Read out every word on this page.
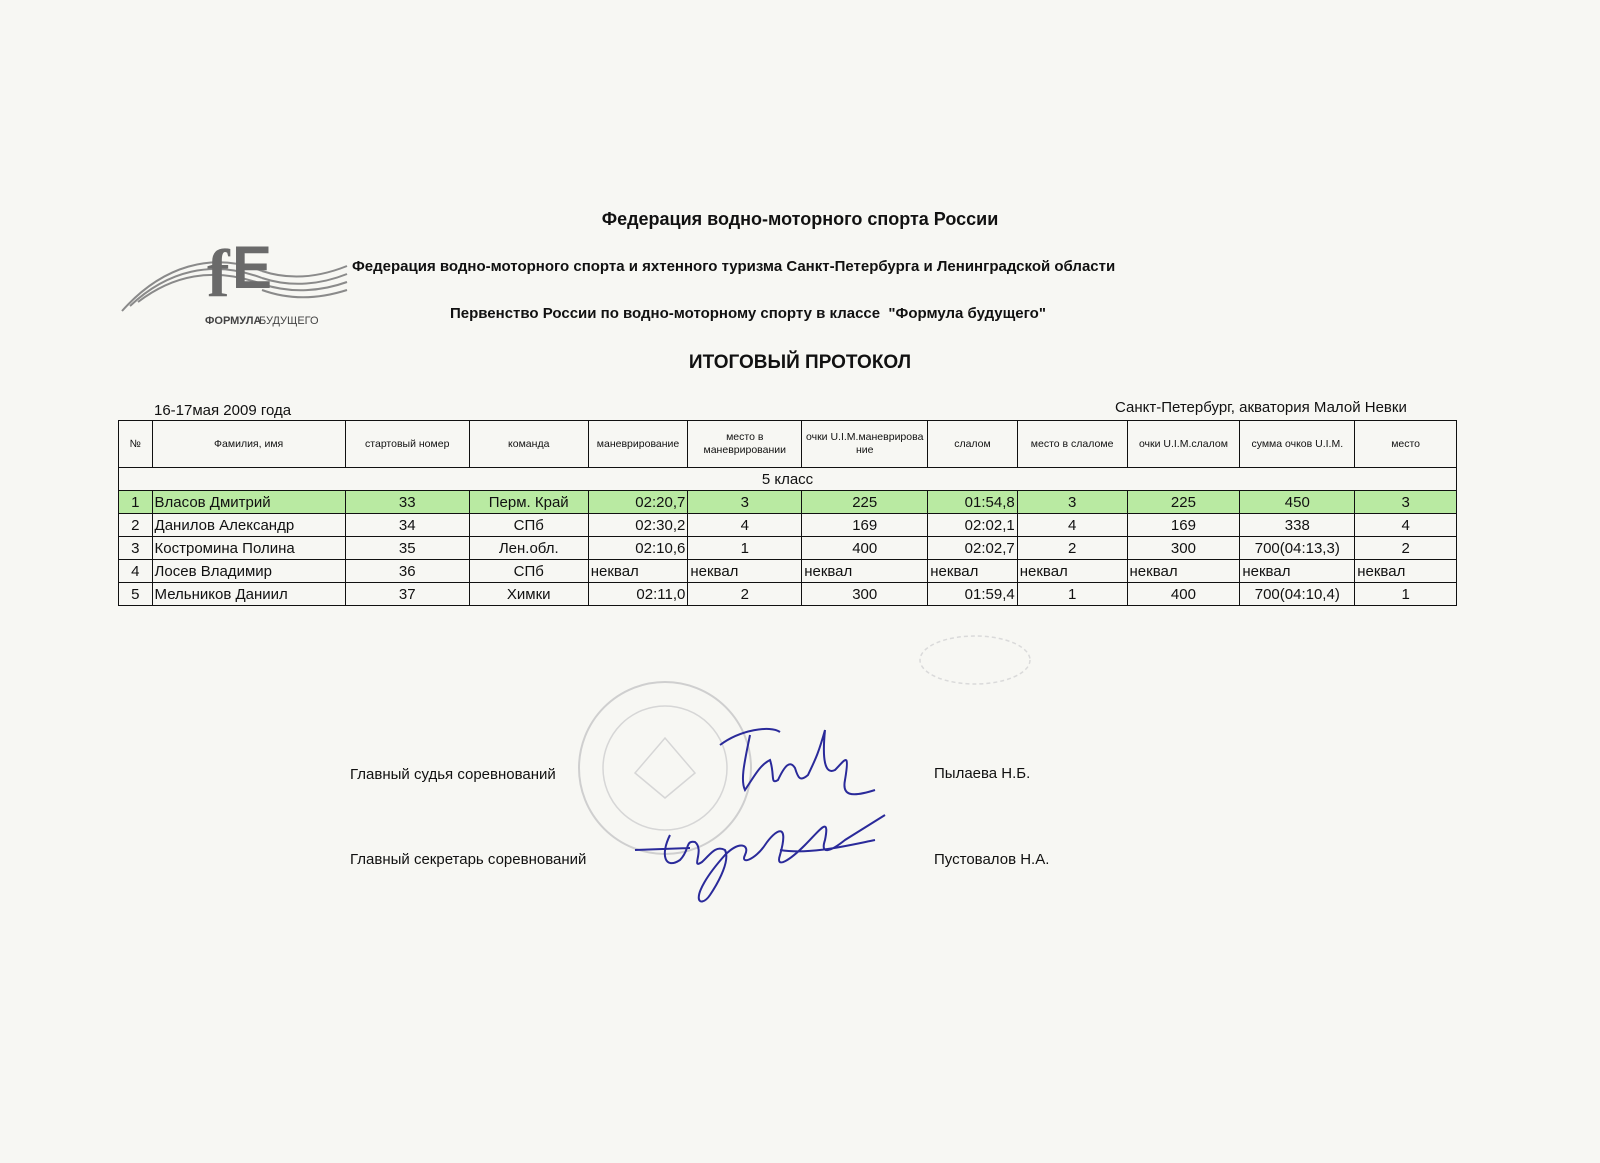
f E
ФОРМУЛА
БУДУЩЕГО
Федерация водно-моторного спорта России
Федерация водно-моторного спорта и яхтенного туризма Санкт-Петербурга и Ленинградской области
Первенство России по водно-моторному спорту в классе  "Формула будущего"
ИТОГОВЫЙ ПРОТОКОЛ
16-17мая 2009 года	Санкт-Петербург, акватория Малой Невки
№	Фамилия, имя	стартовый номер	команда	маневрирование	место в маневрировании	очки U.I.M.маневрирование	слалом	место в слаломе	очки U.I.M.слалом	сумма очков U.I.M.	место
5 класс											
1	Власов Дмитрий	33	Перм. Край	02:20,7	3	225	01:54,8	3	225	450	3
2	Данилов Александр	34	СПб	02:30,2	4	169	02:02,1	4	169	338	4
3	Костромина Полина	35	Лен.обл.	02:10,6	1	400	02:02,7	2	300	700(04:13,3)	2
4	Лосев Владимир	36	СПб	неквал	неквал	неквал	неквал	неквал	неквал	неквал	неквал
5	Мельников Даниил	37	Химки	02:11,0	2	300	01:59,4	1	400	700(04:10,4)	1
Главный судья соревнований	Пылаева Н.Б.
Главный секретарь соревнований	Пустовалов Н.А.
